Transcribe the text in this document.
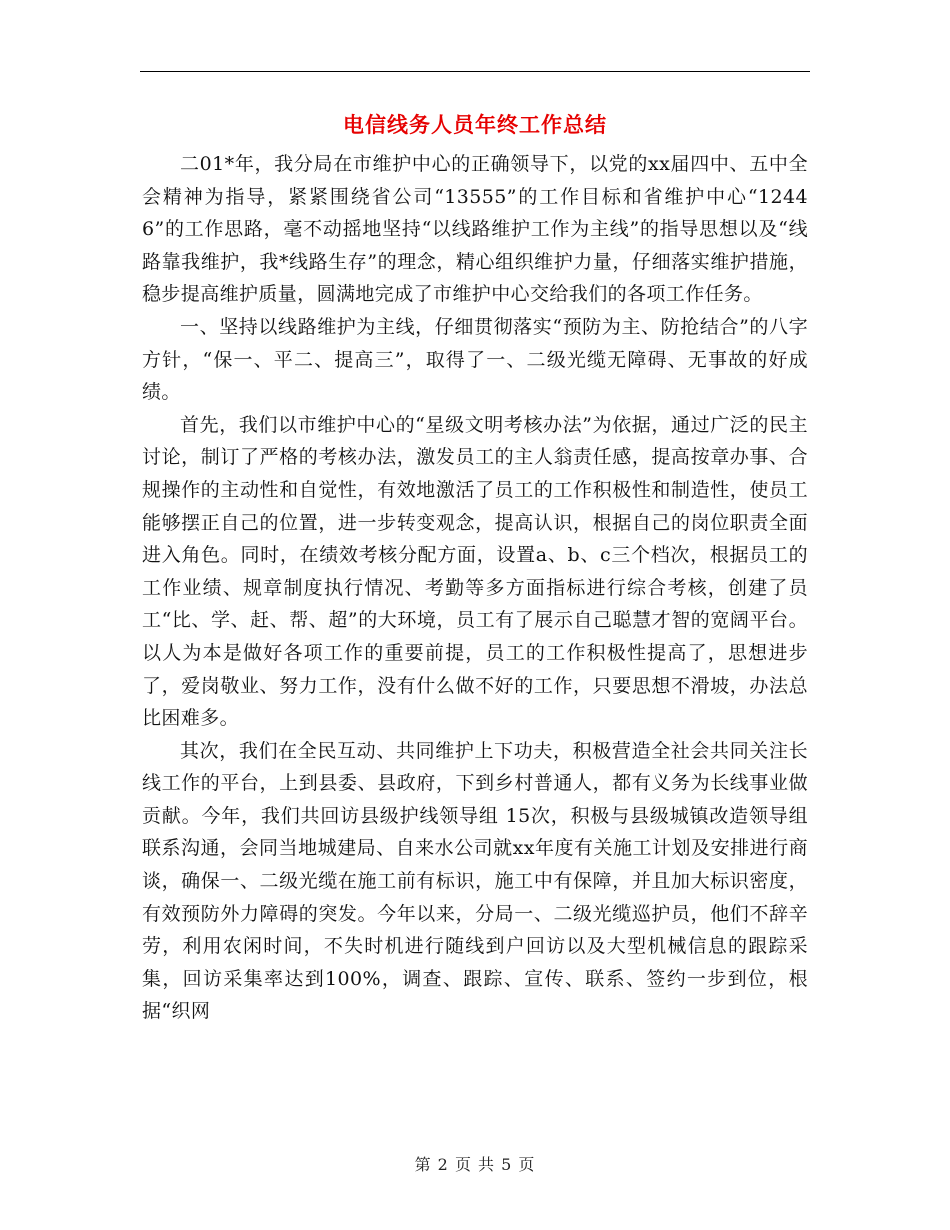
电信线务人员年终工作总结

二01*年，我分局在市维护中心的正确领导下，以党的xx届四中、五中全会精神为指导，紧紧围绕省公司“13555”的工作目标和省维护中心“12446”的工作思路，毫不动摇地坚持“以线路维护工作为主线”的指导思想以及“线路靠我维护，我*线路生存”的理念，精心组织维护力量，仔细落实维护措施，稳步提高维护质量，圆满地完成了市维护中心交给我们的各项工作任务。

一、坚持以线路维护为主线，仔细贯彻落实“预防为主、防抢结合”的八字方针，“保一、平二、提高三”，取得了一、二级光缆无障碍、无事故的好成绩。

首先，我们以市维护中心的“星级文明考核办法”为依据，通过广泛的民主讨论，制订了严格的考核办法，激发员工的主人翁责任感，提高按章办事、合规操作的主动性和自觉性，有效地激活了员工的工作积极性和制造性，使员工能够摆正自己的位置，进一步转变观念，提高认识，根据自己的岗位职责全面进入角色。同时，在绩效考核分配方面，设置a、b、c三个档次，根据员工的工作业绩、规章制度执行情况、考勤等多方面指标进行综合考核，创建了员工“比、学、赶、帮、超”的大环境，员工有了展示自己聪慧才智的宽阔平台。以人为本是做好各项工作的重要前提，员工的工作积极性提高了，思想进步了，爱岗敬业、努力工作，没有什么做不好的工作，只要思想不滑坡，办法总比困难多。

其次，我们在全民互动、共同维护上下功夫，积极营造全社会共同关注长线工作的平台，上到县委、县政府，下到乡村普通人，都有义务为长线事业做贡献。今年，我们共回访县级护线领导组 15次，积极与县级城镇改造领导组联系沟通，会同当地城建局、自来水公司就xx年度有关施工计划及安排进行商谈，确保一、二级光缆在施工前有标识，施工中有保障，并且加大标识密度，有效预防外力障碍的突发。今年以来，分局一、二级光缆巡护员，他们不辞辛劳，利用农闲时间，不失时机进行随线到户回访以及大型机械信息的跟踪采集，回访采集率达到100%，调查、跟踪、宣传、联系、签约一步到位，根据“织网

第 2 页 共 5 页
